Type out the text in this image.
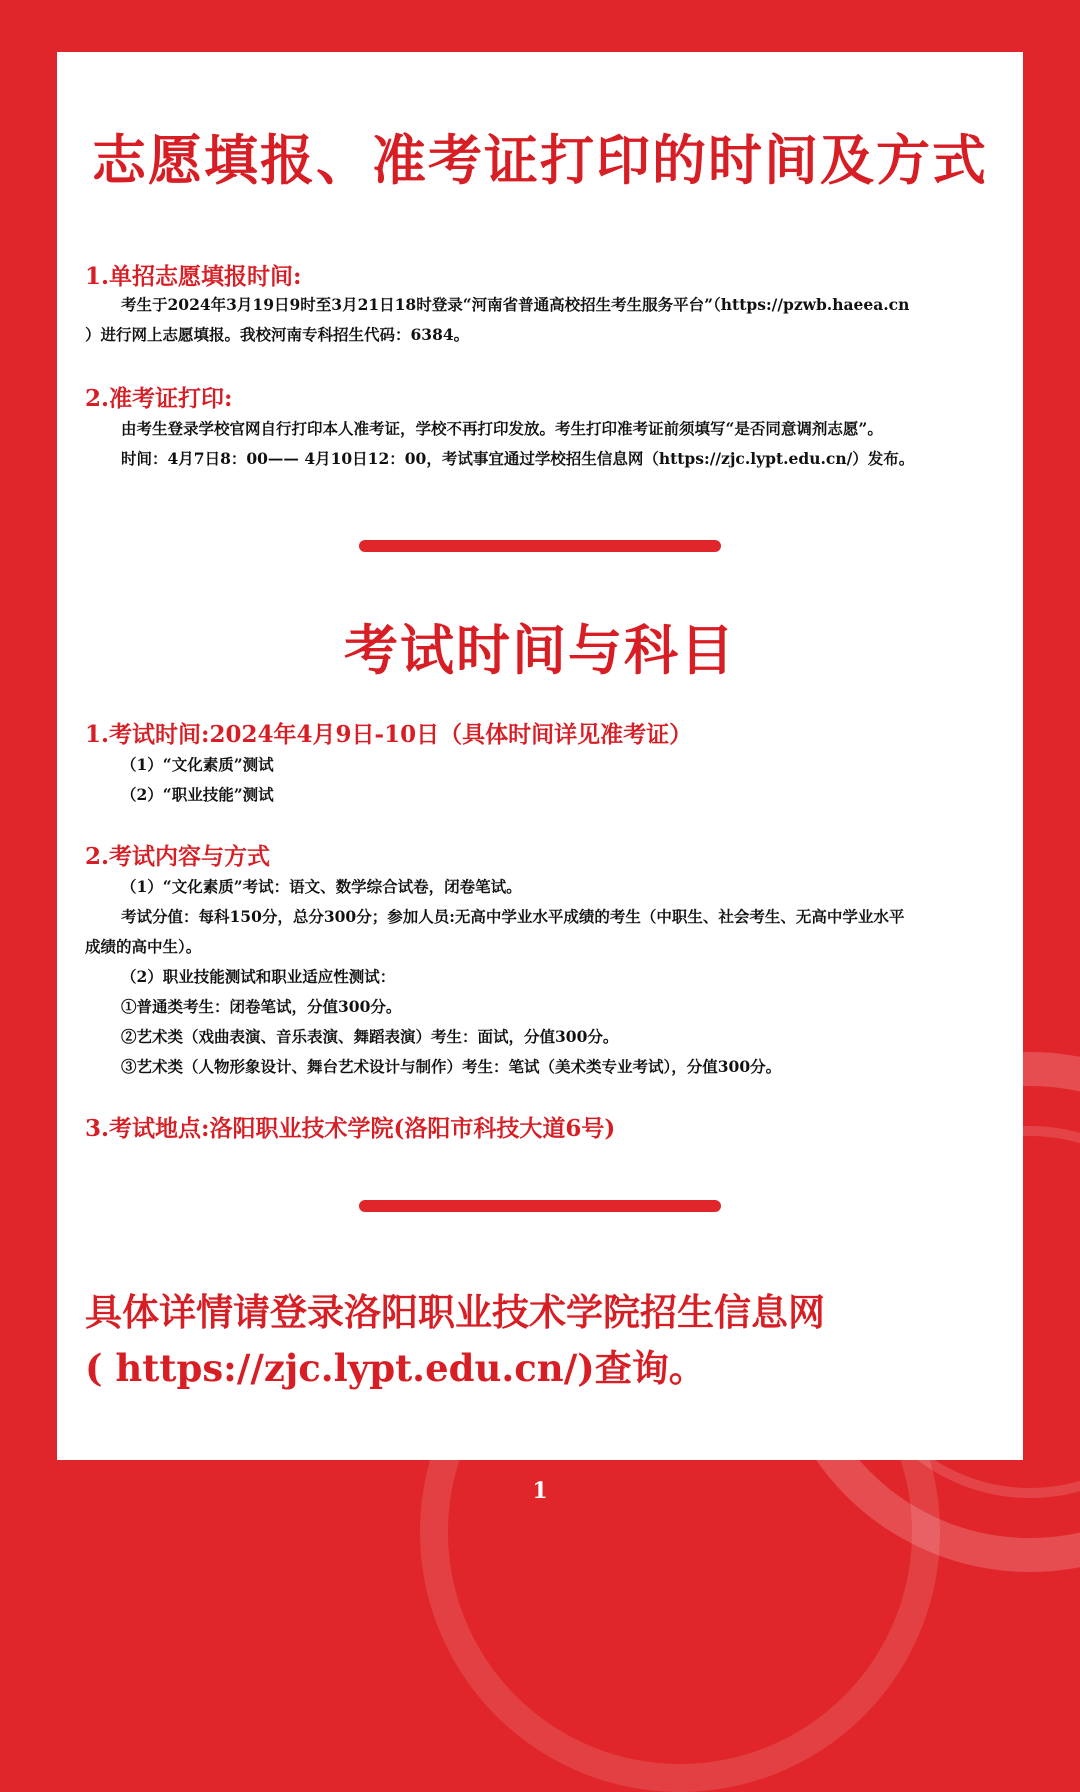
志愿填报、准考证打印的时间及方式
1.单招志愿填报时间:

考生于2024年3月19日9时至3月21日18时登录“河南省普通高校招生考生服务平台”（https://pzwb.haeea.cn

）进行网上志愿填报。我校河南专科招生代码：6384。

2.准考证打印:

由考生登录学校官网自行打印本人准考证，学校不再打印发放。考生打印准考证前须填写“是否同意调剂志愿”。

时间：4月7日8：00—— 4月10日12：00，考试事宜通过学校招生信息网（https://zjc.lypt.edu.cn/）发布。

考试时间与科目
1.考试时间:2024年4月9日-10日（具体时间详见准考证）

（1）“文化素质”测试

（2）“职业技能”测试

2.考试内容与方式

（1）“文化素质”考试：语文、数学综合试卷，闭卷笔试。

考试分值：每科150分，总分300分；参加人员:无高中学业水平成绩的考生（中职生、社会考生、无高中学业水平

成绩的高中生）。

（2）职业技能测试和职业适应性测试：

①普通类考生：闭卷笔试，分值300分。

②艺术类（戏曲表演、音乐表演、舞蹈表演）考生：面试，分值300分。

③艺术类（人物形象设计、舞台艺术设计与制作）考生：笔试（美术类专业考试），分值300分。

3.考试地点:洛阳职业技术学院(洛阳市科技大道6号)
具体详情请登录洛阳职业技术学院招生信息网
( https://zjc.lypt.edu.cn/)查询。
1
